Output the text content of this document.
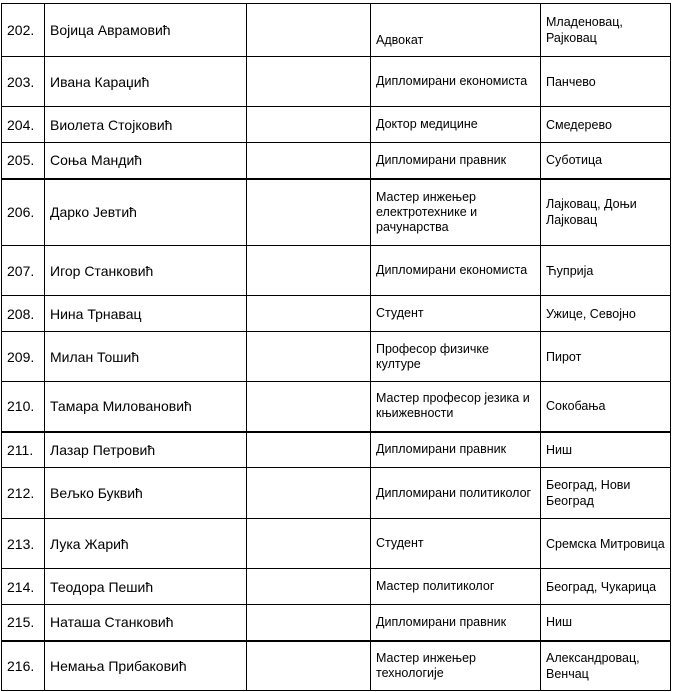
202.	Војица Аврамовић		Адвокат	Младеновац, Рајковац
203.	Ивана Караџић		Дипломирани економиста	Панчево
204.	Виолета Стојковић		Доктор медицине	Смедерево
205.	Соња Мандић		Дипломирани правник	Суботица
206.	Дарко Јевтић		Мастер инжењер електротехнике и рачунарства	Лајковац, Доњи Лајковац
207.	Игор Станковић		Дипломирани економиста	Ћуприја
208.	Нина Трнавац		Студент	Ужице, Севојно
209.	Милан Тошић		Професор физичке културе	Пирот
210.	Тамара Миловановић		Мастер професор језика и књижевности	Сокобања
211.	Лазар Петровић		Дипломирани правник	Ниш
212.	Вељко Буквић		Дипломирани политиколог	Београд, Нови Београд
213.	Лука Жарић		Студент	Сремска Митровица
214.	Теодора Пешић		Мастер политиколог	Београд, Чукарица
215.	Наташа Станковић		Дипломирани правник	Ниш
216.	Немања Прибаковић		Мастер инжењер технологије	Александровац, Венчац
